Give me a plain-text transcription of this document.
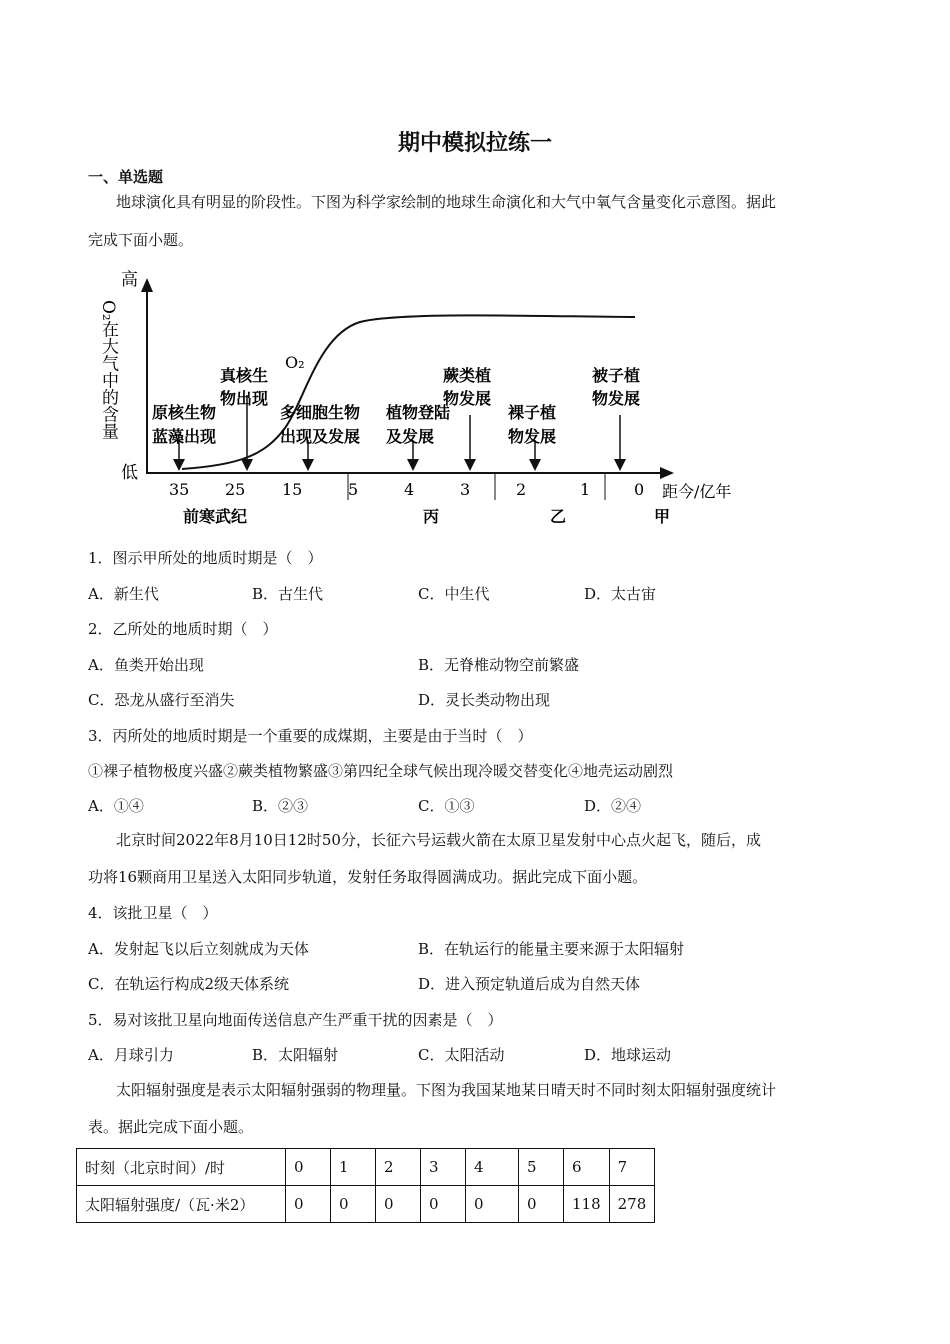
期中模拟拉练一
一、单选题
地球演化具有明显的阶段性。下图为科学家绘制的地球生命演化和大气中氧气含量变化示意图。据此
完成下面小题。
高
低
O₂在大气中的含量	O₂
35 25 15	5	4	3	2	1	0 距今/亿年
原核生物
蓝藻出现
真核生
物出现
多细胞生物
出现及发展
植物登陆
及发展
蕨类植
物发展
裸子植
物发展
被子植
物发展
前寒武纪	丙	乙	甲
1．图示甲所处的地质时期是（　）
A．新生代	B．古生代	C．中生代	D．太古宙
2．乙所处的地质时期（　）
A．鱼类开始出现	B．无脊椎动物空前繁盛
C．恐龙从盛行至消失	D．灵长类动物出现
3．丙所处的地质时期是一个重要的成煤期，主要是由于当时（　）
①裸子植物极度兴盛②蕨类植物繁盛③第四纪全球气候出现冷暖交替变化④地壳运动剧烈
A．①④	B．②③	C．①③	D．②④
北京时间2022年8月10日12时50分，长征六号运载火箭在太原卫星发射中心点火起飞，随后，成
功将16颗商用卫星送入太阳同步轨道，发射任务取得圆满成功。据此完成下面小题。
4．该批卫星（　）
A．发射起飞以后立刻就成为天体	B．在轨运行的能量主要来源于太阳辐射
C．在轨运行构成2级天体系统	D．进入预定轨道后成为自然天体
5．易对该批卫星向地面传送信息产生严重干扰的因素是（　）
A．月球引力	B．太阳辐射	C．太阳活动	D．地球运动
太阳辐射强度是表示太阳辐射强弱的物理量。下图为我国某地某日晴天时不同时刻太阳辐射强度统计
表。据此完成下面小题。
时刻（北京时间）/时	0	1	2	3	4	5	6	7
太阳辐射强度/（瓦·米2）	0	0	0	0	0	0	118	278
